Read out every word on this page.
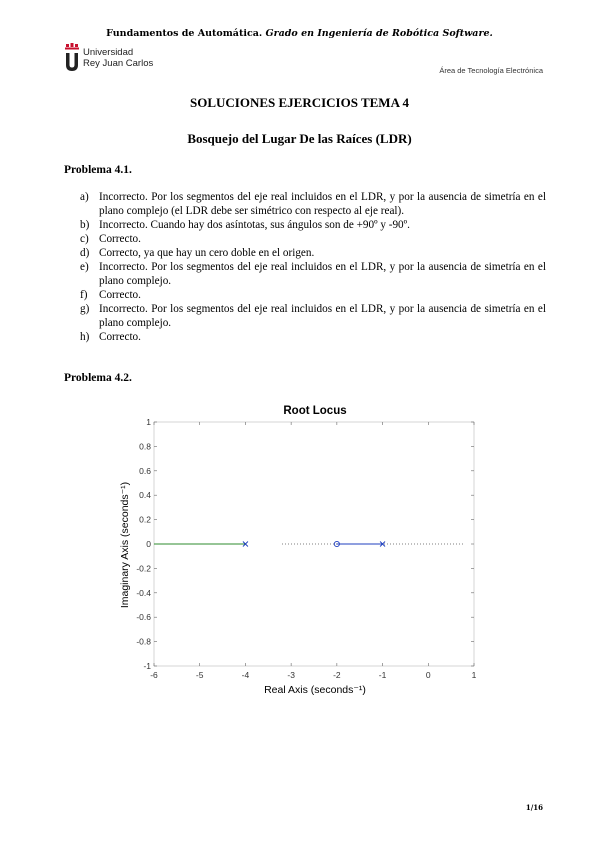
Fundamentos de Automática. Grado en Ingeniería de Robótica Software.
Universidad
Rey Juan Carlos
Área de Tecnología Electrónica
SOLUCIONES EJERCICIOS TEMA 4
Bosquejo del Lugar De las Raíces (LDR)
Problema 4.1.
a) Incorrecto. Por los segmentos del eje real incluidos en el LDR, y por la ausencia de simetría en el plano complejo (el LDR debe ser simétrico con respecto al eje real).
b) Incorrecto. Cuando hay dos asíntotas, sus ángulos son de +90º y -90º.
c) Correcto.
d) Correcto, ya que hay un cero doble en el origen.
e) Incorrecto. Por los segmentos del eje real incluidos en el LDR, y por la ausencia de simetría en el plano complejo.
f)	Correcto.
g) Incorrecto. Por los segmentos del eje real incluidos en el LDR, y por la ausencia de simetría en el plano complejo.
h) Correcto.
Problema 4.2.
Root Locus
-6	-5	-4	-3	-2	-1	0	1
1
0.8
0.6
0.4
0.2
0
-0.2
-0.4
-0.6
-0.8
-1
Real Axis (seconds⁻¹)
Imaginary Axis (seconds⁻¹)
1/16
